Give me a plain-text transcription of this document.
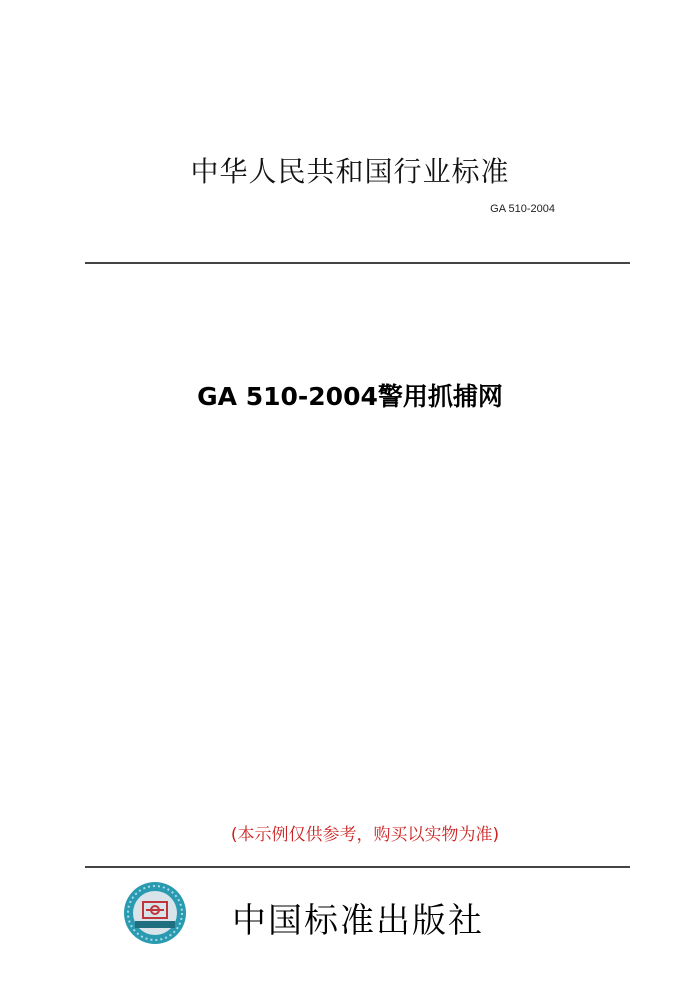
中华人民共和国行业标准
GA 510-2004
GA 510-2004警用抓捕网
(本示例仅供参考，购买以实物为准)
中国标准出版社
